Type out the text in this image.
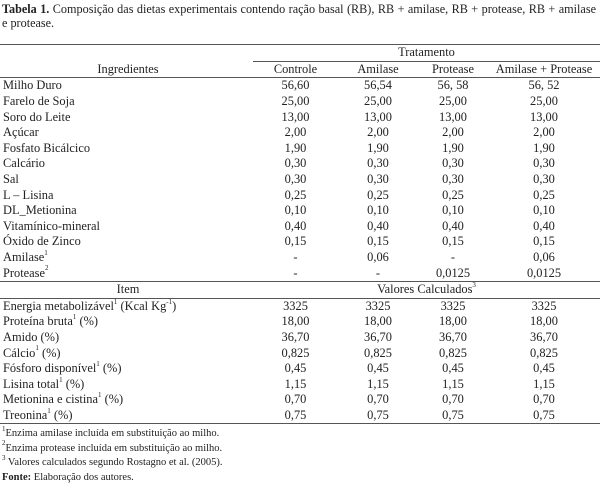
Tabela 1. Composição das dietas experimentais contendo ração basal (RB), RB + amilase, RB + protease, RB + amilase e protease.
	Tratamento			
Ingredientes	Controle	Amilase	Protease	Amilase + Protease
Milho Duro	56,60	56,54	56, 58	56, 52
Farelo de Soja	25,00	25,00	25,00	25,00
Soro do Leite	13,00	13,00	13,00	13,00
Açúcar	2,00	2,00	2,00	2,00
Fosfato Bicálcico	1,90	1,90	1,90	1,90
Calcário	0,30	0,30	0,30	0,30
Sal	0,30	0,30	0,30	0,30
L – Lisina	0,25	0,25	0,25	0,25
DL_Metionina	0,10	0,10	0,10	0,10
Vitamínico-mineral	0,40	0,40	0,40	0,40
Óxido de Zinco	0,15	0,15	0,15	0,15
Amilase$^1$	-	0,06	-	0,06
Protease$^2$	-	-	0,0125	0,0125
Item	Valores Calculados$^3$
Energia metabolizável$^1$ (Kcal $Kg^{-1}$)	3325	3325	3325	3325
Proteína bruta$^1$ (%)	18,00	18,00	18,00	18,00
Amido (%)	36,70	36,70	36,70	36,70
Cálcio$^1$ (%)	0,825	0,825	0,825	0,825
Fósforo disponível$^1$ (%)	0,45	0,45	0,45	0,45
Lisina total$^1$ (%)	1,15	1,15	1,15	1,15
Metionina e cistina$^1$ (%)	0,70	0,70	0,70	0,70
Treonina$^1$ (%)	0,75	0,75	0,75	0,75
$^1$Enzima amilase incluída em substituição ao milho.
$^2$Enzima protease incluída em substituição ao milho.
$^3$ Valores calculados segundo Rostagno et al. (2005).
Fonte: Elaboração dos autores.
